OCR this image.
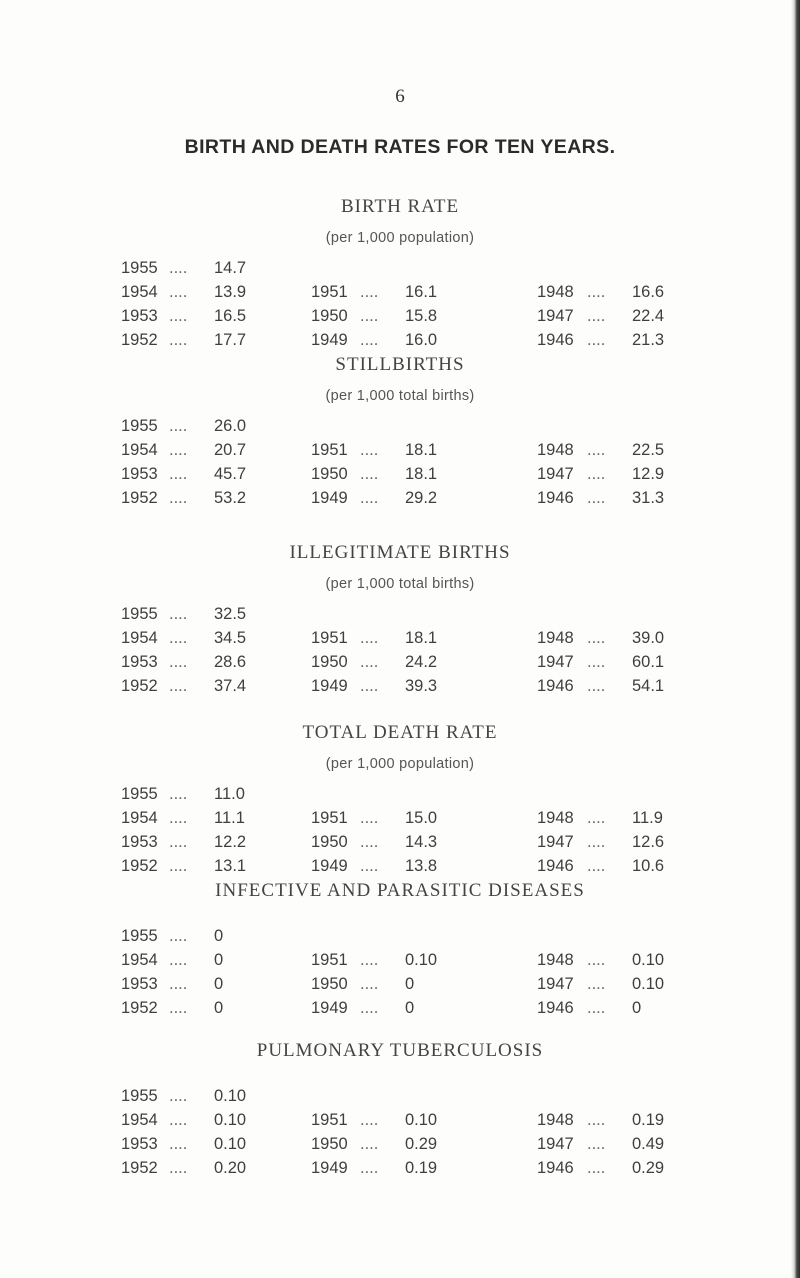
6
BIRTH AND DEATH RATES FOR TEN YEARS.
BIRTH RATE
(per 1,000 population)
1955 .... 14.7
1954 .... 13.9	1951 .... 16.1	1948 .... 16.6
1953 .... 16.5	1950 .... 15.8	1947 .... 22.4
1952 .... 17.7	1949 .... 16.0	1946 .... 21.3
STILLBIRTHS
(per 1,000 total births)
1955 .... 26.0
1954 .... 20.7	1951 .... 18.1	1948 .... 22.5
1953 .... 45.7	1950 .... 18.1	1947 .... 12.9
1952 .... 53.2	1949 .... 29.2	1946 .... 31.3
ILLEGITIMATE BIRTHS
(per 1,000 total births)
1955 .... 32.5
1954 .... 34.5	1951 .... 18.1	1948 .... 39.0
1953 .... 28.6	1950 .... 24.2	1947 .... 60.1
1952 .... 37.4	1949 .... 39.3	1946 .... 54.1
TOTAL DEATH RATE
(per 1,000 population)
1955 .... 11.0
1954 .... 11.1	1951 .... 15.0	1948 .... 11.9
1953 .... 12.2	1950 .... 14.3	1947 .... 12.6
1952 .... 13.1	1949 .... 13.8	1946 .... 10.6
INFECTIVE AND PARASITIC DISEASES
1955 .... 0
1954 .... 0	1951 .... 0.10	1948 .... 0.10
1953 .... 0	1950 .... 0	1947 .... 0.10
1952 .... 0	1949 .... 0	1946 .... 0
PULMONARY TUBERCULOSIS
1955 .... 0.10
1954 .... 0.10	1951 .... 0.10	1948 .... 0.19
1953 .... 0.10	1950 .... 0.29	1947 .... 0.49
1952 .... 0.20	1949 .... 0.19	1946 .... 0.29
